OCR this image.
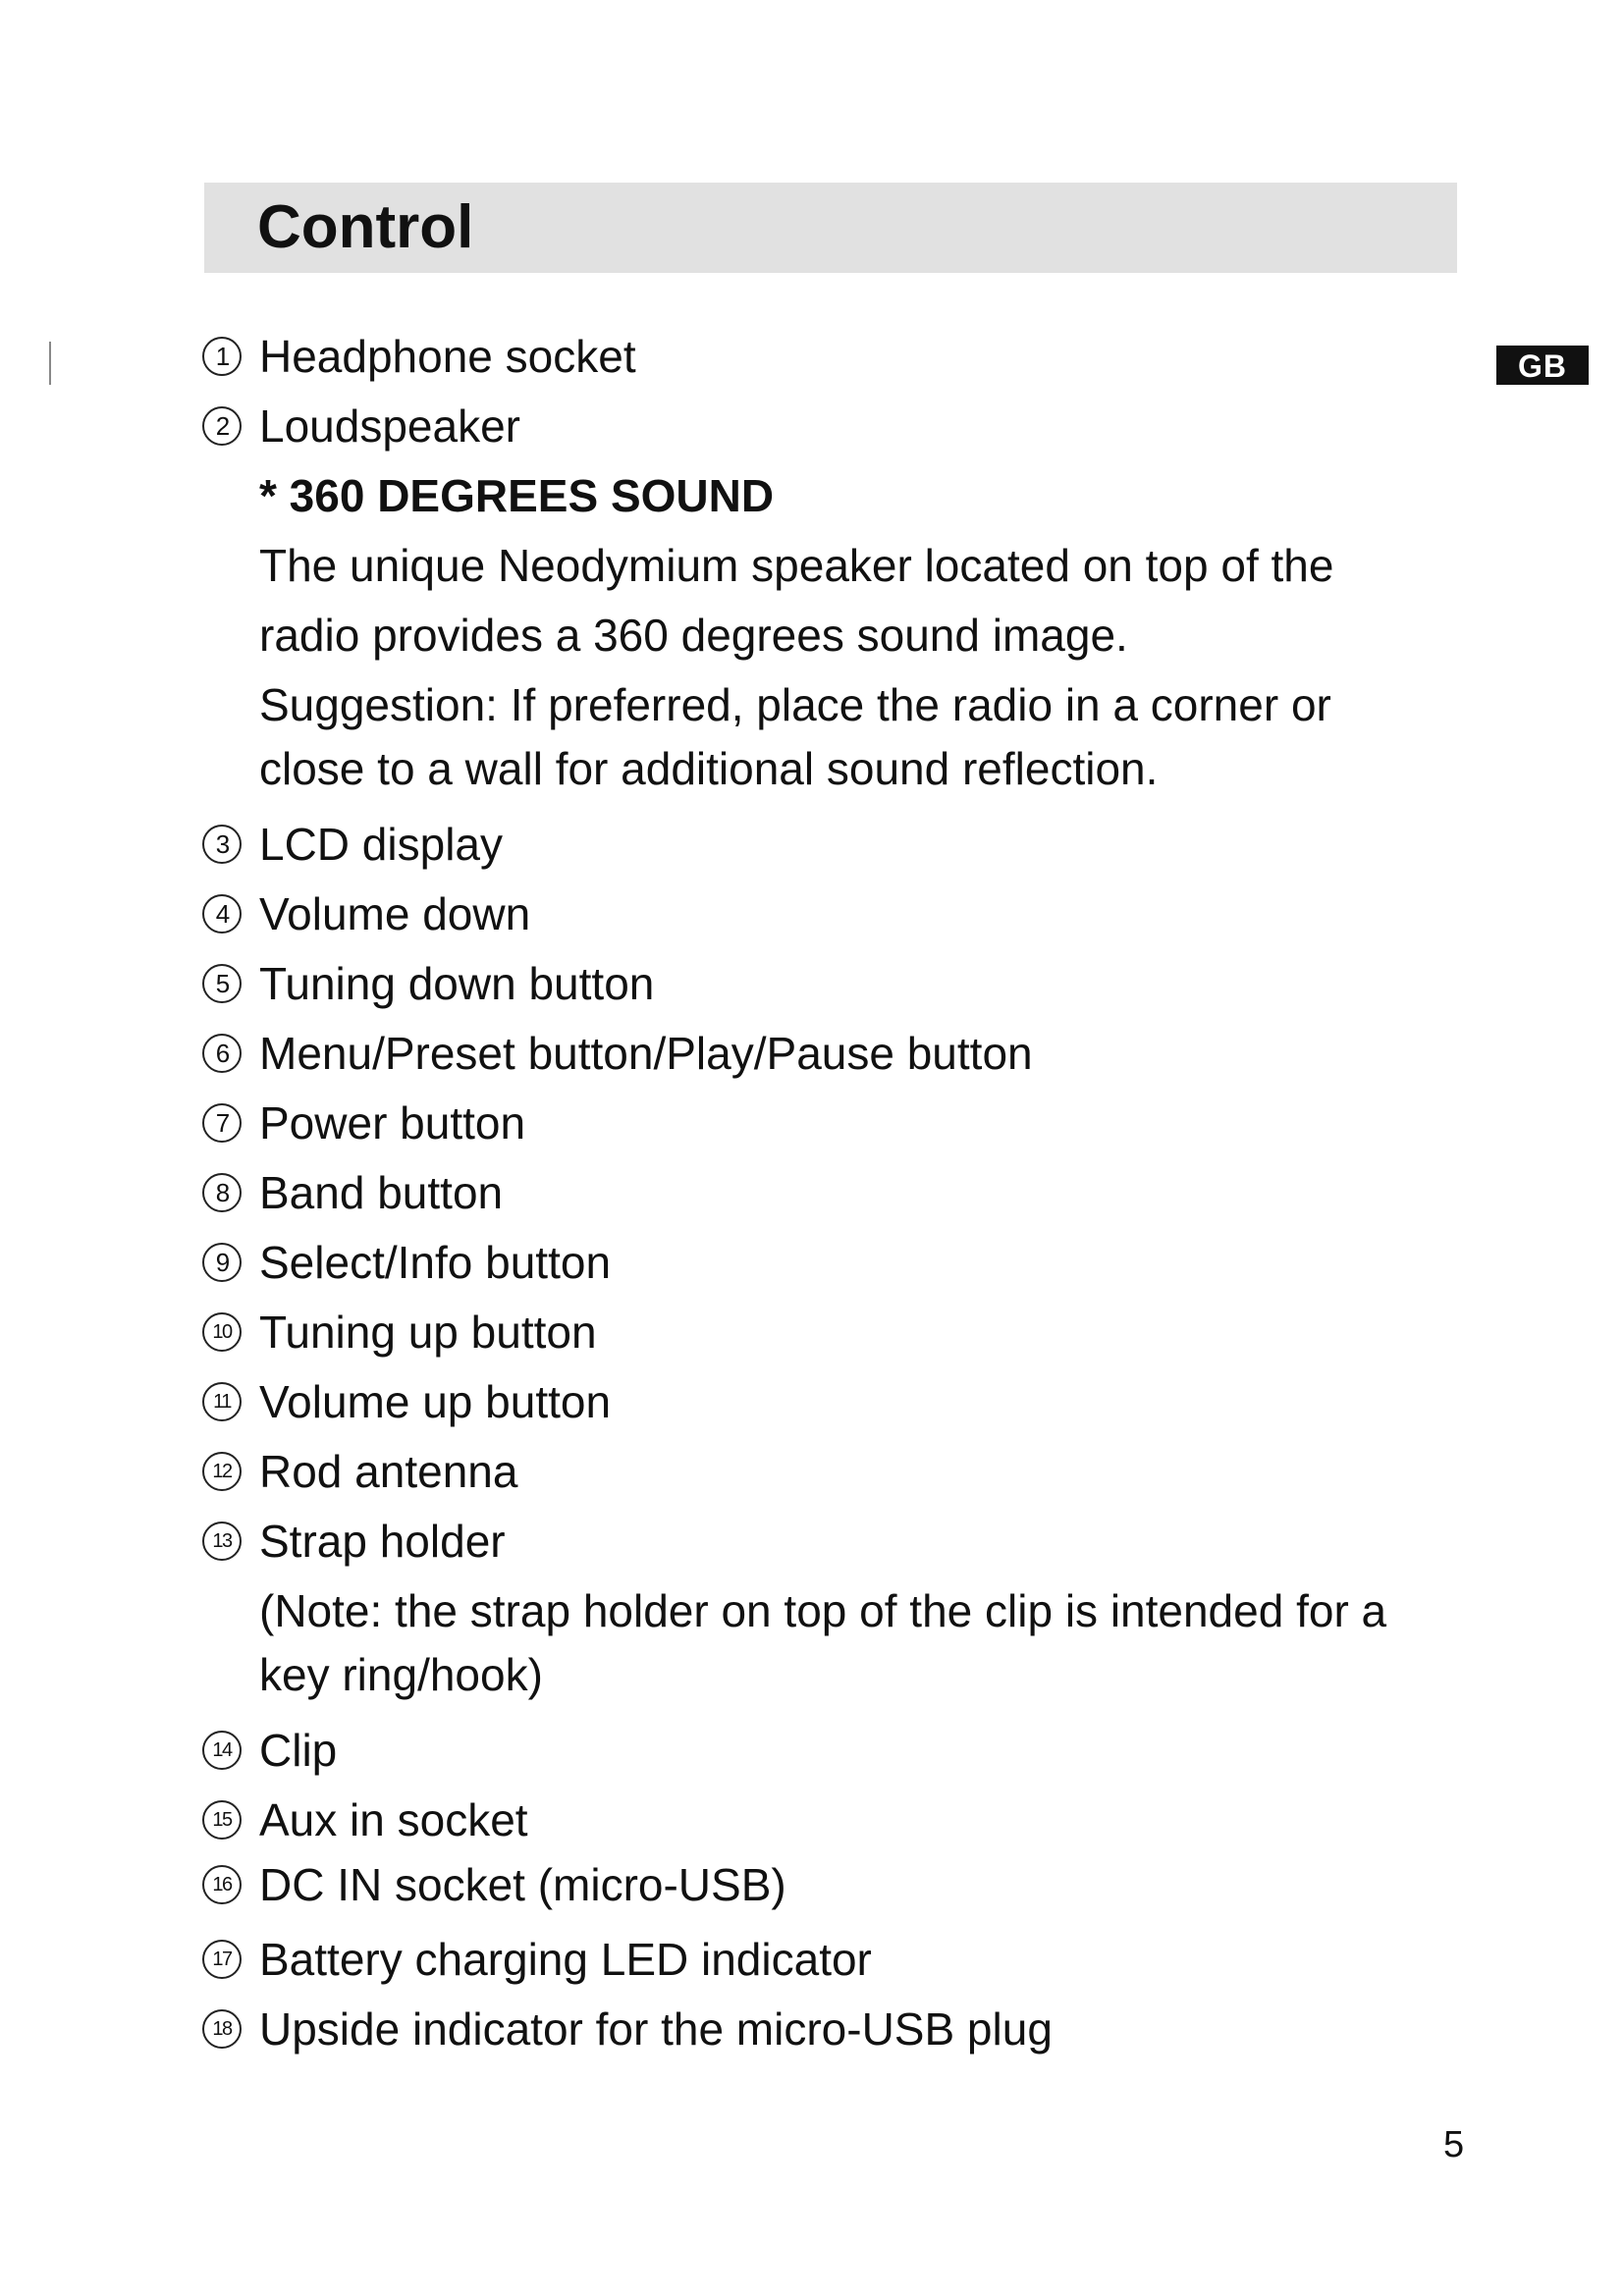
Control
GB
1 Headphone socket
2 Loudspeaker
* 360 DEGREES SOUND
The unique Neodymium speaker located on top of the
radio provides a 360 degrees sound image.
Suggestion: If preferred, place the radio in a corner or
close to a wall for additional sound reflection.
3 LCD display
4 Volume down
5 Tuning down button
6 Menu/Preset button/Play/Pause button
7 Power button
8 Band button
9 Select/Info button
10 Tuning up button
11 Volume up button
12 Rod antenna
13 Strap holder
(Note: the strap holder on top of the clip is intended for a
key ring/hook)
14 Clip
15 Aux in socket
16 DC IN socket (micro-USB)
17 Battery charging LED indicator
18 Upside indicator for the micro-USB plug
5
